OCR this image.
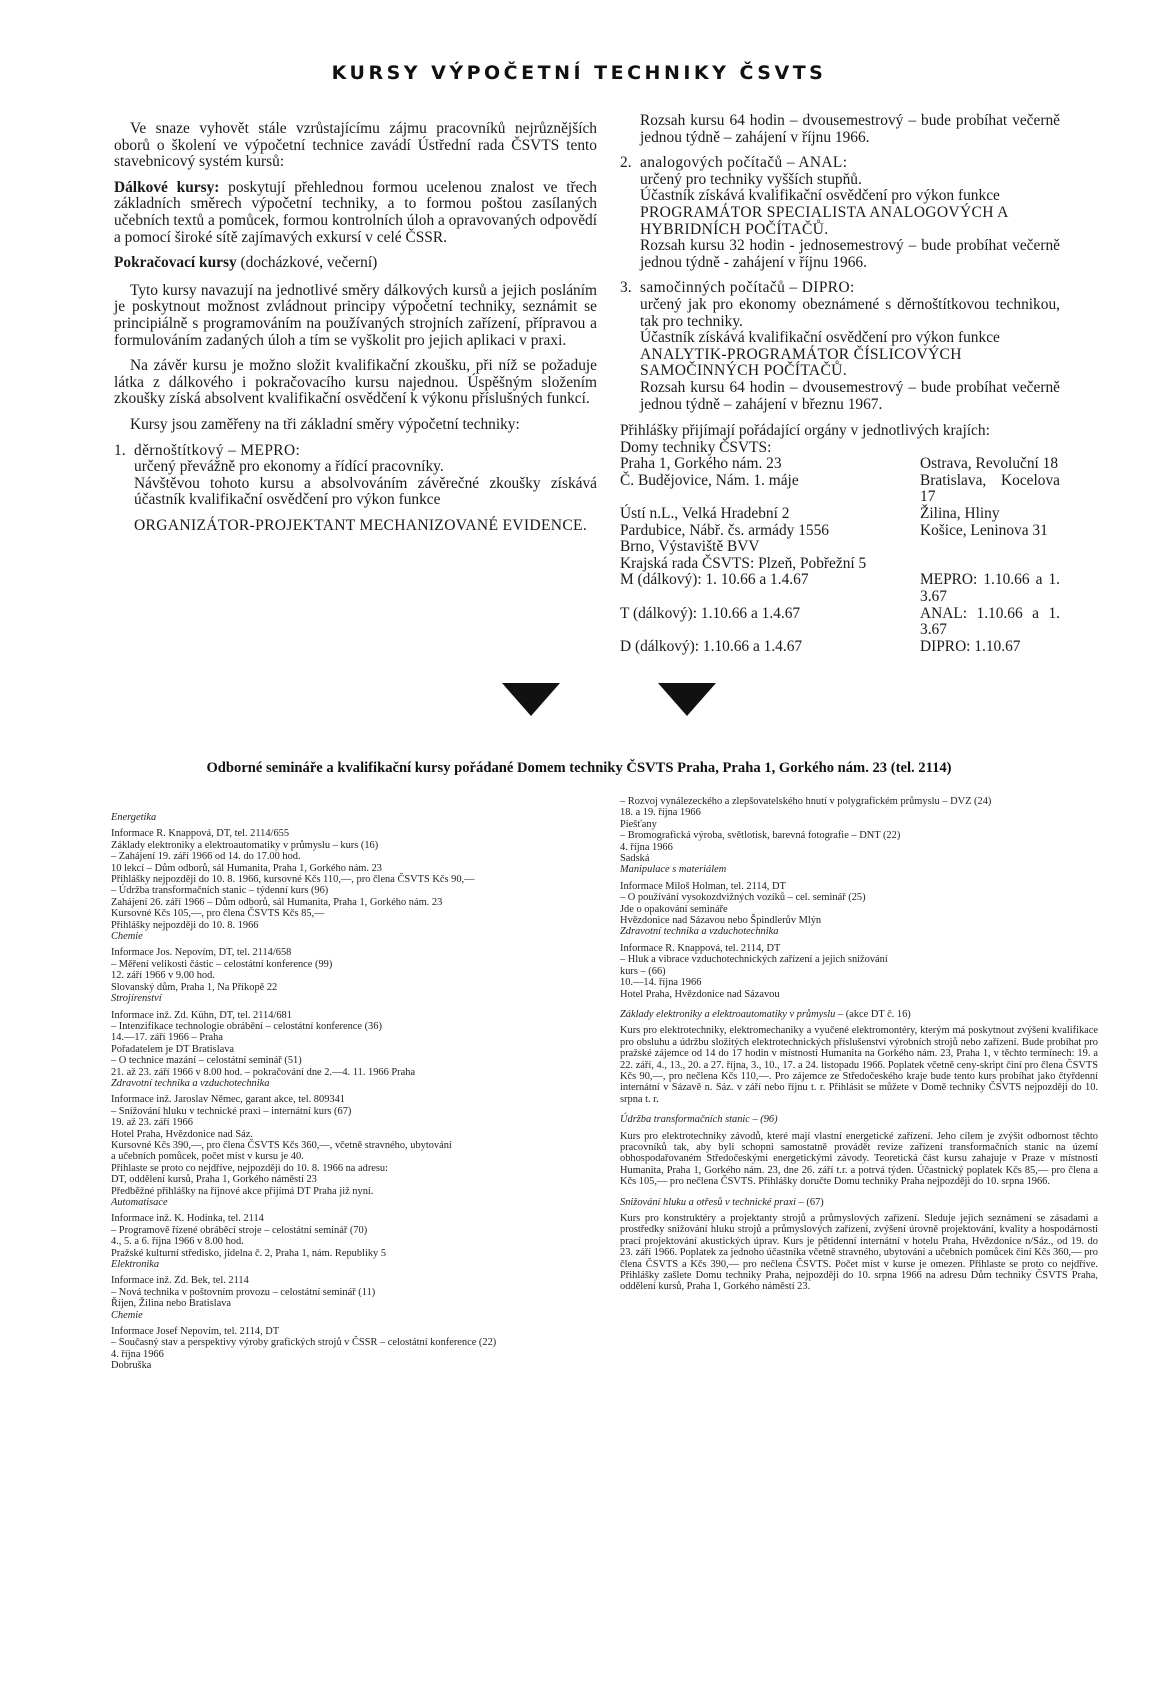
KURSY VÝPOČETNÍ TECHNIKY ČSVTS

Ve snaze vyhovět stále vzrůstajícímu zájmu pracovníků nejrůznějších oborů o školení ve výpočetní technice zavádí Ústřední rada ČSVTS tento stavebnicový systém kursů:

Dálkové kursy: poskytují přehlednou formou ucelenou znalost ve třech základních směrech výpočetní techniky, a to formou poštou zasílaných učebních textů a pomůcek, formou kontrolních úloh a opravovaných odpovědí a pomocí široké sítě zajímavých exkursí v celé ČSSR.

Pokračovací kursy (docházkové, večerní)

Tyto kursy navazují na jednotlivé směry dálkových kursů a jejich posláním je poskytnout možnost zvládnout principy výpočetní techniky, seznámit se principiálně s programováním na používaných strojních zařízení, přípravou a formulováním zadaných úloh a tím se vyškolit pro jejich aplikaci v praxi.

Na závěr kursu je možno složit kvalifikační zkoušku, při níž se požaduje látka z dálkového i pokračovacího kursu najednou. Úspěšným složením zkoušky získá absolvent kvalifikační osvědčení k výkonu příslušných funkcí.

Kursy jsou zaměřeny na tři základní směry výpočetní techniky:

1. děrnoštítkový – MEPRO:
určený převážně pro ekonomy a řídící pracovníky.
Návštěvou tohoto kursu a absolvováním závěrečné zkoušky získává účastník kvalifikační osvědčení pro výkon funkce
ORGANIZÁTOR-PROJEKTANT MECHANIZOVANÉ EVIDENCE.
Rozsah kursu 64 hodin – dvousemestrový – bude probíhat večerně jednou týdně – zahájení v říjnu 1966.
2. analogových počítačů – ANAL:
určený pro techniky vyšších stupňů.
Účastník získává kvalifikační osvědčení pro výkon funkce
PROGRAMÁTOR SPECIALISTA ANALOGOVÝCH A HYBRIDNÍCH POČÍTAČŮ.
Rozsah kursu 32 hodin - jednosemestrový – bude probíhat večerně jednou týdně - zahájení v říjnu 1966.
3. samočinných počítačů – DIPRO:
určený jak pro ekonomy obeznámené s děrnoštítkovou technikou, tak pro techniky.
Účastník získává kvalifikační osvědčení pro výkon funkce
ANALYTIK-PROGRAMÁTOR ČÍSLICOVÝCH SAMOČINNÝCH POČÍTAČŮ.
Rozsah kursu 64 hodin – dvousemestrový – bude probíhat večerně jednou týdně – zahájení v březnu 1967.
Přihlášky přijímají pořádající orgány v jednotlivých krajích:
Domy techniky ČSVTS:
Praha 1, Gorkého nám. 23	Ostrava, Revoluční 18
Č. Budějovice, Nám. 1. máje	Bratislava, Kocelova 17
Ústí n.L., Velká Hradební 2	Žilina, Hliny
Pardubice, Nábř. čs. armády 1556	Košice, Leninova 31
Brno, Výstaviště BVV
Krajská rada ČSVTS: Plzeň, Pobřežní 5
M (dálkový): 1. 10.66 a 1.4.67	MEPRO: 1.10.66 a 1. 3.67
T (dálkový): 1.10.66 a 1.4.67	ANAL: 1.10.66 a 1. 3.67
D (dálkový): 1.10.66 a 1.4.67	DIPRO: 1.10.67
Odborné semináře a kvalifikační kursy pořádané Domem techniky ČSVTS Praha, Praha 1, Gorkého nám. 23 (tel. 2114)
Energetika
Informace R. Knappová, DT, tel. 2114/655
Základy elektroniky a elektroautomatiky v průmyslu – kurs (16)
– Zahájení 19. září 1966 od 14. do 17.00 hod.
10 lekcí – Dům odborů, sál Humanita, Praha 1, Gorkého nám. 23
Přihlášky nejpozději do 10. 8. 1966, kursovné Kčs 110,—, pro člena ČSVTS Kčs 90,—
– Údržba transformačních stanic – týdenní kurs (96)
Zahájení 26. září 1966 – Dům odborů, sál Humanita, Praha 1, Gorkého nám. 23
Kursovné Kčs 105,—, pro člena ČSVTS Kčs 85,—
Přihlášky nejpozději do 10. 8. 1966
Chemie
Informace Jos. Nepovím, DT, tel. 2114/658
– Měření velikosti částic – celostátní konference (99)
12. září 1966 v 9.00 hod.
Slovanský dům, Praha 1, Na Příkopě 22
Strojírenství
Informace inž. Zd. Kühn, DT, tel. 2114/681
– Intenzifikace technologie obrábění – celostátní konference (36)
14.—17. září 1966 – Praha
Pořadatelem je DT Bratislava
– O technice mazání – celostátní seminář (51)
21. až 23. září 1966 v 8.00 hod. – pokračování dne 2.—4. 11. 1966 Praha
Zdravotní technika a vzduchotechnika
Informace inž. Jaroslav Němec, garant akce, tel. 809341
– Snižování hluku v technické praxi – internátní kurs (67)
19. až 23. září 1966
Hotel Praha, Hvězdonice nad Sáz.
Kursovné Kčs 390,—, pro člena ČSVTS Kčs 360,—, včetně stravného, ubytování
a učebních pomůcek, počet míst v kursu je 40.
Přihlaste se proto co nejdříve, nejpozději do 10. 8. 1966 na adresu:
DT, oddělení kursů, Praha 1, Gorkého náměstí 23
Předběžné přihlášky na říjnové akce přijímá DT Praha již nyní.
Automatisace
Informace inž. K. Hodinka, tel. 2114
– Programově řízené obráběcí stroje – celostátní seminář (70)
4., 5. a 6. října 1966 v 8.00 hod.
Pražské kulturní středisko, jídelna č. 2, Praha 1, nám. Republiky 5
Elektronika
Informace inž. Zd. Bek, tel. 2114
– Nová technika v poštovním provozu – celostátní seminář (11)
Říjen, Žilina nebo Bratislava
Chemie
Informace Josef Nepovím, tel. 2114, DT
– Současný stav a perspektivy výroby grafických strojů v ČSSR – celostátní konference (22)
4. října 1966
Dobruška
– Rozvoj vynálezeckého a zlepšovatelského hnutí v polygrafickém průmyslu – DVZ (24)
18. a 19. října 1966
Piešťany
– Bromografická výroba, světlotisk, barevná fotografie – DNT (22)
4. října 1966
Sadská
Manipulace s materiálem
Informace Miloš Holman, tel. 2114, DT
– O používání vysokozdvižných vozíků – cel. seminář (25)
Jde o opakování semináře
Hvězdonice nad Sázavou nebo Špindlerův Mlýn
Zdravotní technika a vzduchotechnika
Informace R. Knappová, tel. 2114, DT
– Hluk a vibrace vzduchotechnických zařízení a jejich snižování
kurs – (66)
10.—14. října 1966
Hotel Praha, Hvězdonice nad Sázavou
Základy elektroniky a elektroautomatiky v průmyslu – (akce DT č. 16)
Kurs pro elektrotechniky, elektromechaniky a vyučené elektromontéry, kterým má poskytnout zvýšení kvalifikace pro obsluhu a údržbu složitých elektrotechnických příslušenství výrobních strojů nebo zařízení. Bude probíhat pro pražské zájemce od 14 do 17 hodin v místnosti Humanita na Gorkého nám. 23, Praha 1, v těchto termínech: 19. a 22. září, 4., 13., 20. a 27. října, 3., 10., 17. a 24. listopadu 1966. Poplatek včetně ceny-skript činí pro člena ČSVTS Kčs 90,—, pro nečlena Kčs 110,—. Pro zájemce ze Středočeského kraje bude tento kurs probíhat jako čtyřdenní internátní v Sázavě n. Sáz. v září nebo říjnu t. r. Přihlásit se můžete v Domě techniky ČSVTS nejpozději do 10. srpna t. r.
Údržba transformačních stanic – (96)
Kurs pro elektrotechniky závodů, které mají vlastní energetické zařízení. Jeho cílem je zvýšit odbornost těchto pracovníků tak, aby byli schopni samostatně provádět revize zařízení transformačních stanic na území obhospodařovaném Středočeskými energetickými závody. Teoretická část kursu zahajuje v Praze v místnosti Humanita, Praha 1, Gorkého nám. 23, dne 26. září t.r. a potrvá týden. Účastnický poplatek Kčs 85,— pro člena a Kčs 105,— pro nečlena ČSVTS. Přihlášky doručte Domu techniky Praha nejpozději do 10. srpna 1966.
Snižování hluku a otřesů v technické praxi – (67)
Kurs pro konstruktéry a projektanty strojů a průmyslových zařízení. Sleduje jejich seznámení se zásadami a prostředky snižování hluku strojů a průmyslových zařízení, zvýšení úrovně projektování, kvality a hospodárnosti prací projektování akustických úprav. Kurs je pětidenní internátní v hotelu Praha, Hvězdonice n/Sáz., od 19. do 23. září 1966. Poplatek za jednoho účastníka včetně stravného, ubytování a učebních pomůcek činí Kčs 360,— pro člena ČSVTS a Kčs 390,— pro nečlena ČSVTS. Počet míst v kurse je omezen. Přihlaste se proto co nejdříve. Přihlášky zašlete Domu techniky Praha, nejpozději do 10. srpna 1966 na adresu Dům techniky ČSVTS Praha, oddělení kursů, Praha 1, Gorkého náměstí 23.
